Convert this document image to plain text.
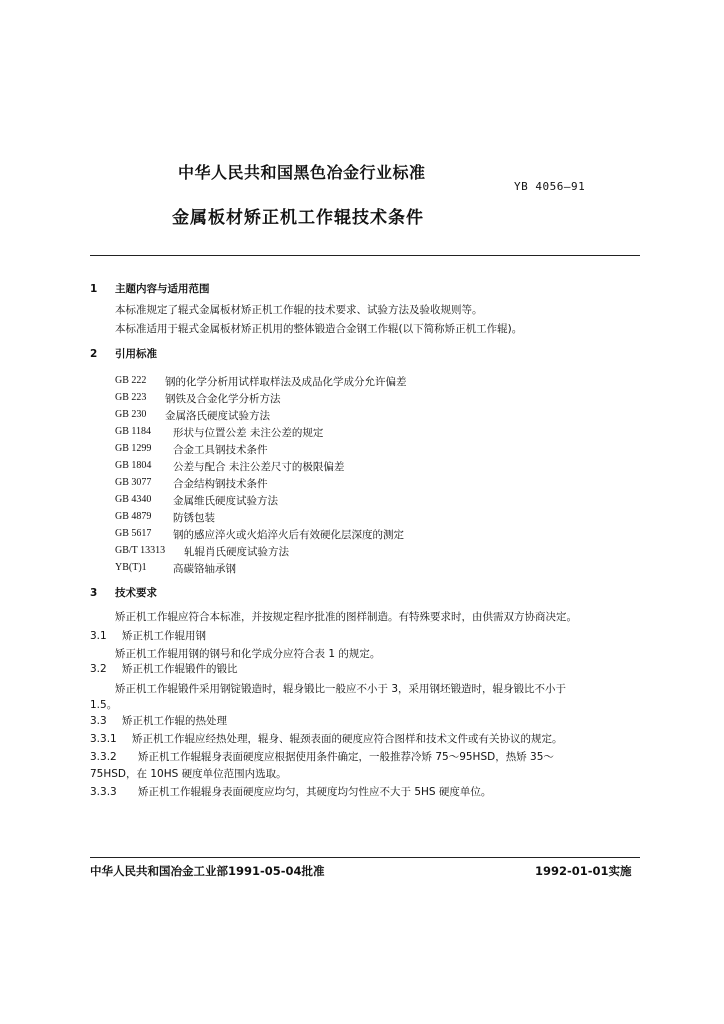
中华人民共和国黑色冶金行业标准
YB 4056—91
金属板材矫正机工作辊技术条件
1 主题内容与适用范围
本标准规定了辊式金属板材矫正机工作辊的技术要求、试验方法及验收规则等。
本标准适用于辊式金属板材矫正机用的整体锻造合金钢工作辊(以下简称矫正机工作辊)。
2 引用标准
GB 222 钢的化学分析用试样取样法及成品化学成分允许偏差
GB 223 钢铁及合金化学分析方法
GB 230 金属洛氏硬度试验方法
GB 1184 形状与位置公差 未注公差的规定
GB 1299 合金工具钢技术条件
GB 1804 公差与配合 未注公差尺寸的极限偏差
GB 3077 合金结构钢技术条件
GB 4340 金属维氏硬度试验方法
GB 4879 防锈包装
GB 5617 钢的感应淬火或火焰淬火后有效硬化层深度的测定
GB/T 13313 轧辊肖氏硬度试验方法
YB(T)1	高碳铬轴承钢
3 技术要求
矫正机工作辊应符合本标准，并按规定程序批准的图样制造。有特殊要求时，由供需双方协商决定。
3.1 矫正机工作辊用钢
矫正机工作辊用钢的钢号和化学成分应符合表 1 的规定。
3.2 矫正机工作辊锻件的锻比
矫正机工作辊锻件采用钢锭锻造时，辊身锻比一般应不小于 3，采用钢坯锻造时，辊身锻比不小于
1.5。
3.3 矫正机工作辊的热处理
3.3.1 矫正机工作辊应经热处理，辊身、辊颈表面的硬度应符合图样和技术文件或有关协议的规定。
3.3.2 矫正机工作辊辊身表面硬度应根据使用条件确定，一般推荐冷矫 75～95HSD，热矫 35～
75HSD，在 10HS 硬度单位范围内选取。
3.3.3 矫正机工作辊辊身表面硬度应均匀，其硬度均匀性应不大于 5HS 硬度单位。
中华人民共和国冶金工业部1991-05-04批准	1992-01-01实施
